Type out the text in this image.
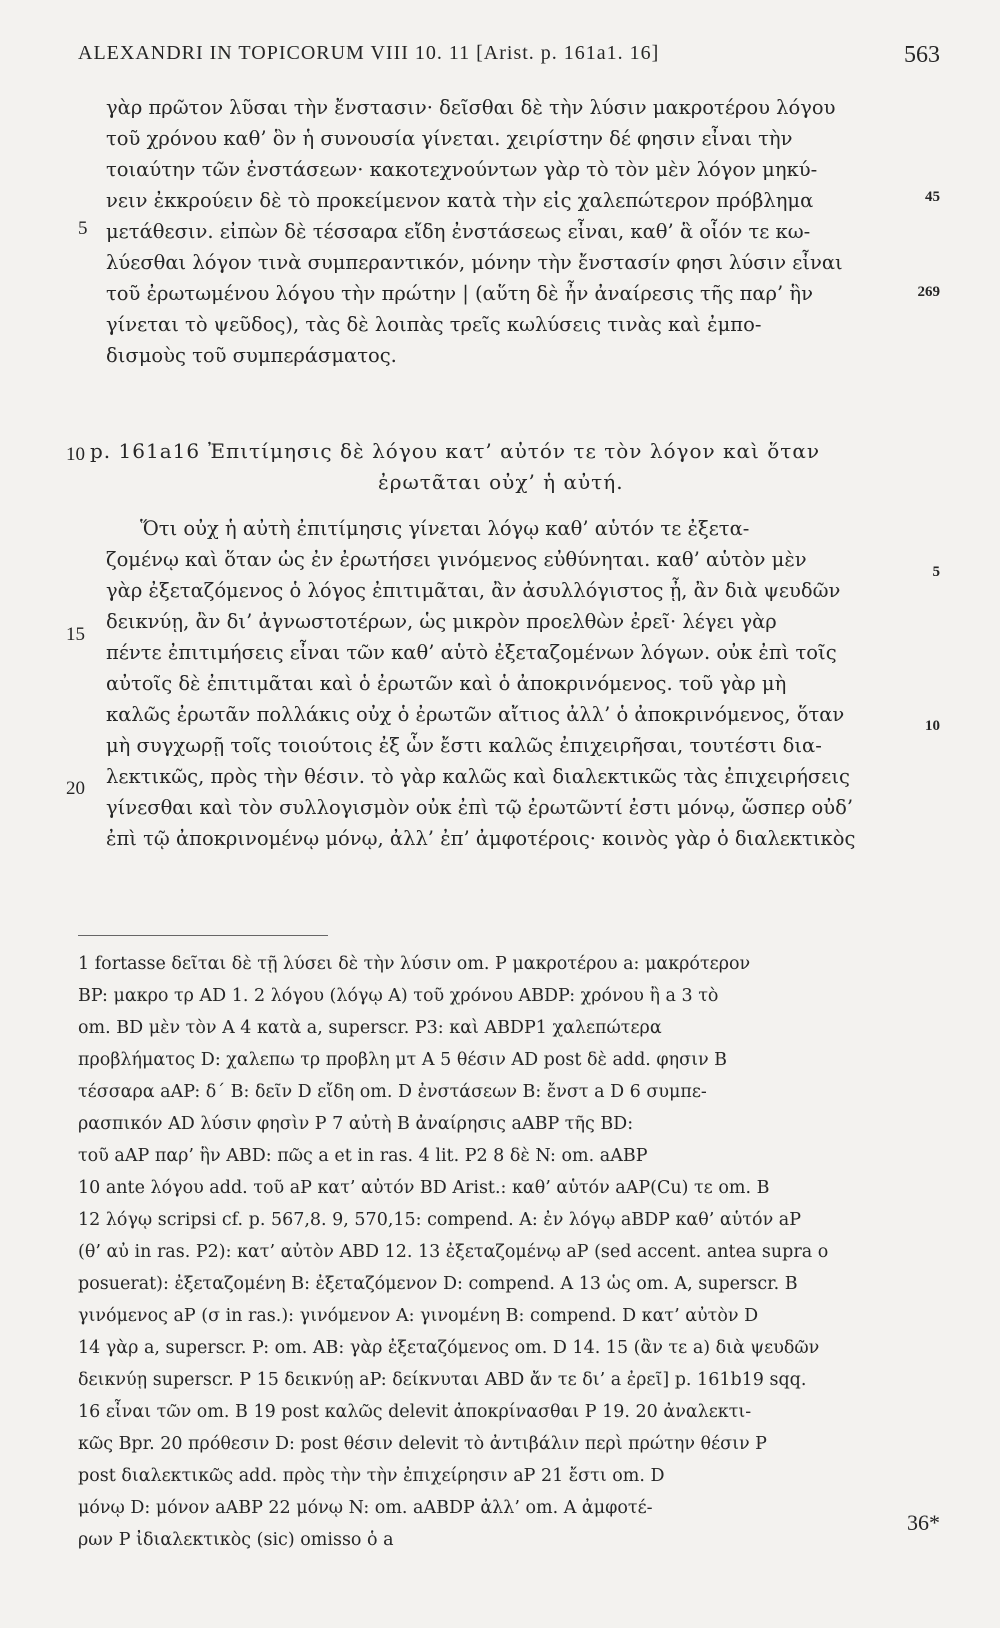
ALEXANDRI IN TOPICORUM VIII 10. 11 [Arist. p. 161a1. 16]	563
γὰρ πρῶτον λῦσαι τὴν ἔνστασιν· δεῖσθαι δὲ τὴν λύσιν μακροτέρου λόγου
τοῦ χρόνου καθ’ ὃν ἡ συνουσία γίνεται. χειρίστην δέ φησιν εἶναι τὴν
τοιαύτην τῶν ἐνστάσεων· κακοτεχνούντων γὰρ τὸ τὸν μὲν λόγον μηκύ-
νειν ἐκκρούειν δὲ τὸ προκείμενον κατὰ τὴν εἰς χαλεπώτερον πρόβλημα
μετάθεσιν. εἰπὼν δὲ τέσσαρα εἴδη ἐνστάσεως εἶναι, καθ’ ἃ οἷόν τε κω-
λύεσθαι λόγον τινὰ συμπεραντικόν, μόνην τὴν ἔνστασίν φησι λύσιν εἶναι
τοῦ ἐρωτωμένου λόγου τὴν πρώτην | (αὕτη δὲ ἦν ἀναίρεσις τῆς παρ’ ἣν
γίνεται τὸ ψεῦδος), τὰς δὲ λοιπὰς τρεῖς κωλύσεις τινὰς καὶ ἐμπο-
δισμοὺς τοῦ συμπεράσματος.
5
10
15
20
45
269
5
10
p. 161a16 Ἐπιτίμησις δὲ λόγου κατ’ αὐτόν τε τὸν λόγον καὶ ὅταν
ἐρωτᾶται οὐχ’ ἡ αὐτή.
Ὅτι οὐχ ἡ αὐτὴ ἐπιτίμησις γίνεται λόγῳ καθ’ αὑτόν τε ἐξετα-
ζομένῳ καὶ ὅταν ὡς ἐν ἐρωτήσει γινόμενος εὐθύνηται. καθ’ αὑτὸν μὲν
γὰρ ἐξεταζόμενος ὁ λόγος ἐπιτιμᾶται, ἂν ἀσυλλόγιστος ᾖ, ἂν διὰ ψευδῶν
δεικνύῃ, ἂν δι’ ἀγνωστοτέρων, ὡς μικρὸν προελθὼν ἐρεῖ· λέγει γὰρ
πέντε ἐπιτιμήσεις εἶναι τῶν καθ’ αὑτὸ ἐξεταζομένων λόγων. οὐκ ἐπὶ τοῖς
αὐτοῖς δὲ ἐπιτιμᾶται καὶ ὁ ἐρωτῶν καὶ ὁ ἀποκρινόμενος. τοῦ γὰρ μὴ
καλῶς ἐρωτᾶν πολλάκις οὐχ ὁ ἐρωτῶν αἴτιος ἀλλ’ ὁ ἀποκρινόμενος, ὅταν
μὴ συγχωρῇ τοῖς τοιούτοις ἐξ ὧν ἔστι καλῶς ἐπιχειρῆσαι, τουτέστι δια-
λεκτικῶς, πρὸς τὴν θέσιν. τὸ γὰρ καλῶς καὶ διαλεκτικῶς τὰς ἐπιχειρήσεις
γίνεσθαι καὶ τὸν συλλογισμὸν οὐκ ἐπὶ τῷ ἐρωτῶντί ἐστι μόνῳ, ὥσπερ οὐδ’
ἐπὶ τῷ ἀποκρινομένῳ μόνῳ, ἀλλ’ ἐπ’ ἀμφοτέροις· κοινὸς γὰρ ὁ διαλεκτικὸς
1 fortasse δεῖται δὲ τῇ λύσει δὲ τὴν λύσιν om. P μακροτέρου a: μακρότερον
BP: μακρο τρ AD 1. 2 λόγου (λόγῳ A) τοῦ χρόνου ABDP: χρόνου ἢ a 3 τὸ
om. BD μὲν τὸν A 4 κατὰ a, superscr. P3: καὶ ABDP1 χαλεπώτερα
προβλήματος D: χαλεπω τρ προβλη μτ A 5 θέσιν AD post δὲ add. φησιν B
τέσσαρα aAP: δ΄ B: δεῖν D εἴδη om. D ἐνστάσεων B: ἔνστ a D 6 συμπε-
ρασπικόν AD λύσιν φησὶν P 7 αὐτὴ B ἀναίρησις aABP τῆς BD:
τοῦ aAP παρ’ ἣν ABD: πῶς a et in ras. 4 lit. P2 8 δὲ N: om. aABP
10 ante λόγου add. τοῦ aP κατ’ αὐτόν BD Arist.: καθ’ αὑτόν aAP(Cu) τε om. B
12 λόγῳ scripsi cf. p. 567,8. 9, 570,15: compend. A: ἐν λόγῳ aBDP καθ’ αὑτόν aP
(θ’ αὐ in ras. P2): κατ’ αὐτὸν ABD 12. 13 ἐξεταζομένῳ aP (sed accent. antea supra o
posuerat): ἐξεταζομένη B: ἐξεταζόμενον D: compend. A 13 ὡς om. A, superscr. B
γινόμενος aP (σ in ras.): γινόμενον A: γινομένη B: compend. D κατ’ αὐτὸν D
14 γὰρ a, superscr. P: om. AB: γὰρ ἐξεταζόμενος om. D 14. 15 (ἂν τε a) διὰ ψευδῶν
δεικνύῃ superscr. P 15 δεικνύῃ aP: δείκνυται ABD ἄν τε δι’ a ἐρεῖ] p. 161b19 sqq.
16 εἶναι τῶν om. B 19 post καλῶς delevit ἀποκρίνασθαι P 19. 20 ἀναλεκτι-
κῶς Bpr. 20 πρόθεσιν D: post θέσιν delevit τὸ ἀντιβάλιν περὶ πρώτην θέσιν P
post διαλεκτικῶς add. πρὸς τὴν τὴν ἐπιχείρησιν aP 21 ἔστι om. D
μόνῳ D: μόνον aABP 22 μόνῳ N: om. aABDP ἀλλ’ om. A ἀμφοτέ-
ρων P ἰδιαλεκτικὸς (sic) omisso ὁ a
36*
